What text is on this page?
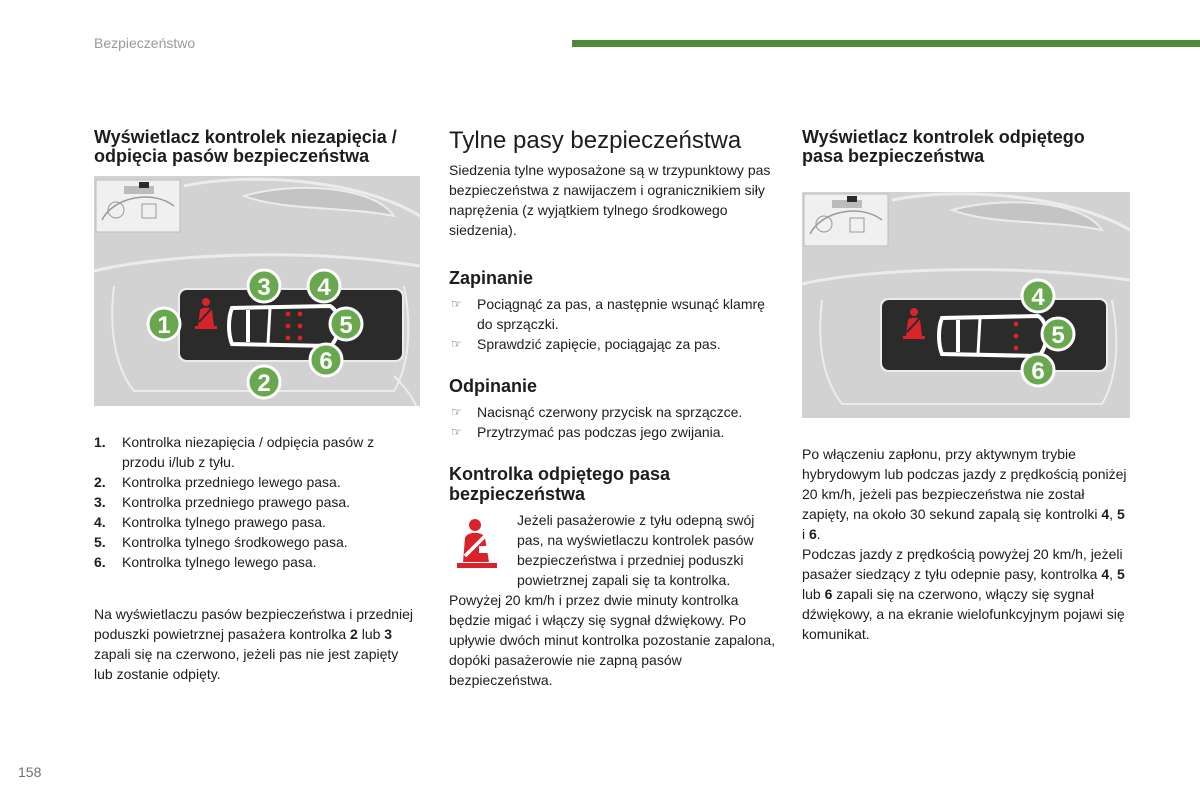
Bezpieczeństwo
Wyświetlacz kontrolek niezapięcia / odpięcia pasów bezpieczeństwa
1
2
3 4
5
6
1. Kontrolka niezapięcia / odpięcia pasów z przodu i/lub z tyłu.
2. Kontrolka przedniego lewego pasa.
3. Kontrolka przedniego prawego pasa.
4. Kontrolka tylnego prawego pasa.
5. Kontrolka tylnego środkowego pasa.
6. Kontrolka tylnego lewego pasa.

Na wyświetlaczu pasów bezpieczeństwa i przedniej poduszki powietrznej pasażera kontrolka 2 lub 3 zapali się na czerwono, jeżeli pas nie jest zapięty lub zostanie odpięty.

Tylne pasy bezpieczeństwa

Siedzenia tylne wyposażone są w trzypunktowy pas bezpieczeństwa z nawijaczem i ogranicznikiem siły naprężenia (z wyjątkiem tylnego środkowego siedzenia).

Zapinanie
☞ Pociągnąć za pas, a następnie wsunąć klamrę do sprzączki.
☞ Sprawdzić zapięcie, pociągając za pas.
Odpinanie
☞ Nacisnąć czerwony przycisk na sprzączce.
☞ Przytrzymać pas podczas jego zwijania.
Kontrolka odpiętego pasa bezpieczeństwa

Jeżeli pasażerowie z tyłu odepną swój pas, na wyświetlaczu kontrolek pasów bezpieczeństwa i przedniej poduszki powietrznej zapali się ta kontrolka.

Powyżej 20 km/h i przez dwie minuty kontrolka będzie migać i włączy się sygnał dźwiękowy. Po upływie dwóch minut kontrolka pozostanie zapalona, dopóki pasażerowie nie zapną pasów bezpieczeństwa.

Wyświetlacz kontrolek odpiętego pasa bezpieczeństwa
4
5
6

Po włączeniu zapłonu, przy aktywnym trybie hybrydowym lub podczas jazdy z prędkością poniżej 20 km/h, jeżeli pas bezpieczeństwa nie został zapięty, na około 30 sekund zapalą się kontrolki 4, 5 i 6.

Podczas jazdy z prędkością powyżej 20 km/h, jeżeli pasażer siedzący z tyłu odepnie pasy, kontrolka 4, 5 lub 6 zapali się na czerwono, włączy się sygnał dźwiękowy, a na ekranie wielofunkcyjnym pojawi się komunikat.

158
